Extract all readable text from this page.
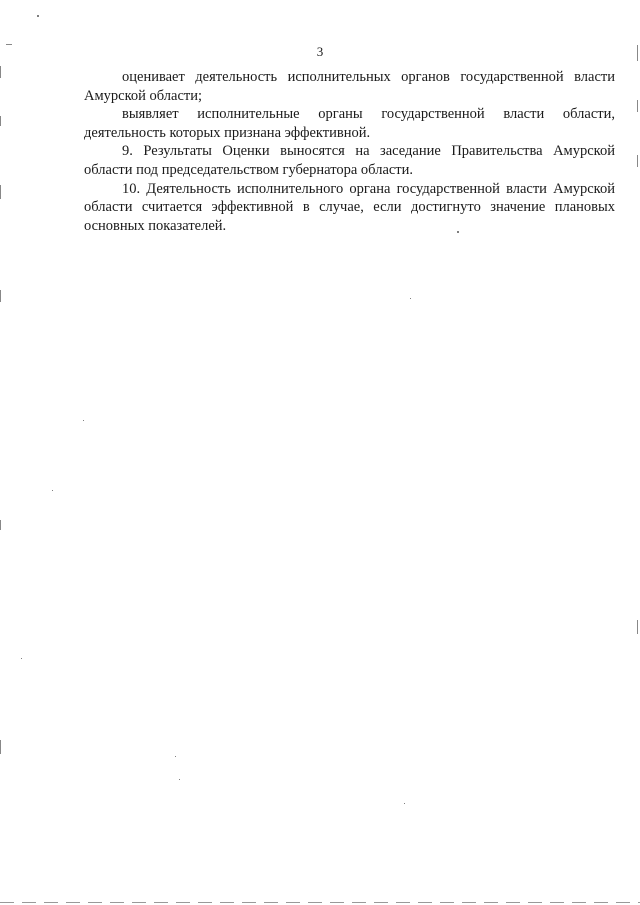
3

оценивает деятельность исполнительных органов государственной власти Амурской области;

выявляет исполнительные органы государственной власти области, деятельность которых признана эффективной.

9. Результаты Оценки выносятся на заседание Правительства Амурской области под председательством губернатора области.

10. Деятельность исполнительного органа государственной власти Амурской области считается эффективной в случае, если достигнуто значение плановых основных показателей.
